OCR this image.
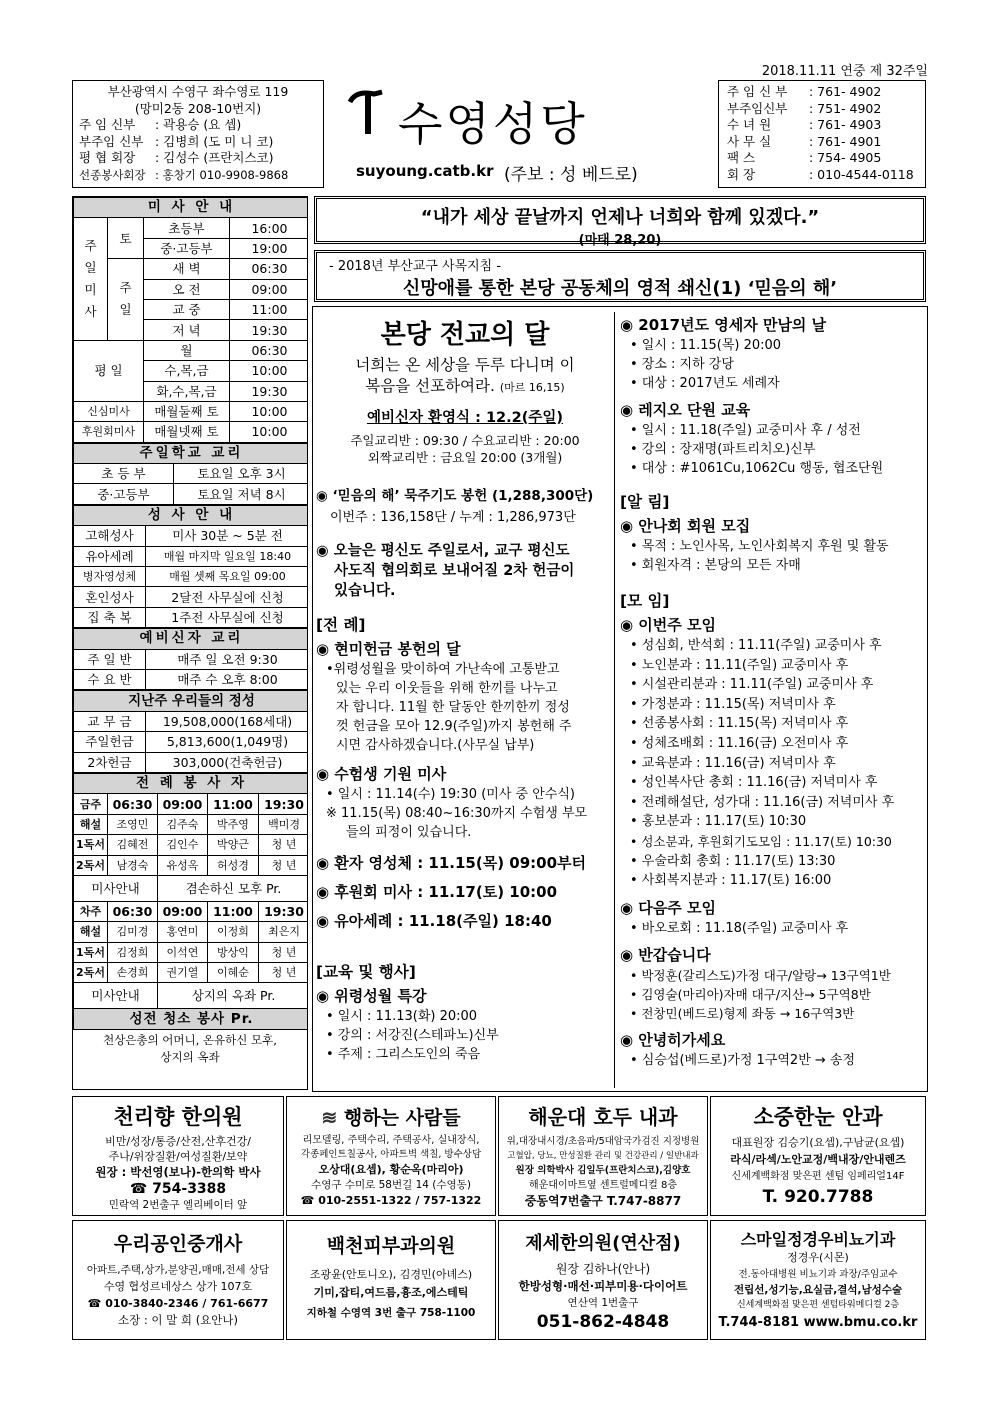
2018.11.11 연중 제 32주일
부산광역시 수영구 좌수영로 119
(망미2동 208-10번지)
주 임 신부 : 곽용승 (요 셉)
부주임 신부 : 김병희 (도 미 니 코)
평 협 회장 : 김성수 (프란치스코)
선종봉사회장 : 홍창기 010-9908-9868
수영성당
suyoung.catb.kr (주보 : 성 베드로)
주 임 신 부 : 761- 4902
부주임신부 : 751- 4902
수 녀 원	: 761- 4903
사 무 실	: 761- 4901
팩 스	: 754- 4905
회 장	: 010-4544-0118
미 사 안 내			
주 일 미 사	토	초등부	16:00
		중·고등부	19:00
	주 일	새 벽	06:30
		오 전	09:00
		교 중	11:00
		저 녁	19:30
평 일		월	06:30
		수,목,금	10:00
		화,수,목,금	19:30
신심미사		매월둘째 토	10:00
후원회미사		매월넷째 토	10:00
주일학교 교리	
초 등 부	토요일 오후 3시
중·고등부	토요일 저녁 8시
성 사 안 내	
고해성사	미사 30분 ~ 5분 전
유아세례	매월 마지막 일요일 18:40
병자영성체	매월 셋째 목요일 09:00
혼인성사	2달전 사무실에 신청
집 축 복	1주전 사무실에 신청
예비신자 교리	
주 일 반	매주 일 오전 9:30
수 요 반	매주 수 오후 8:00
지난주 우리들의 정성	
교 무 금	19,508,000(168세대)
주일헌금	5,813,600(1,049명)
2차헌금	303,000(건축헌금)
전 례 봉 사 자				
금주	06:30	09:00	11:00	19:30
해설	조영민	김주숙	박주영	백미경
1독서	김혜전	김인수	박양근	청 년
2독서	남경숙	유성옥	허성경	청 년
미사안내		겸손하신 모후 Pr.		
차주	06:30	09:00	11:00	19:30
해설	김미경	홍연미	이정희	최은지
1독서	김정희	이석연	방상익	청 년
2독서	손경희	권기열	이혜순	청 년
미사안내		상지의 옥좌 Pr.		
성전 청소 봉사 Pr.				
천상은총의 어머니, 온유하신 모후,
상지의 옥좌
“내가 세상 끝날까지 언제나 너희와 함께 있겠다.”
(마태 28,20)
- 2018년 부산교구 사목지침 -
신망애를 통한 본당 공동체의 영적 쇄신(1) ‘믿음의 해’
본당 전교의 달
너희는 온 세상을 두루 다니며 이
복음을 선포하여라. (마르 16,15)
예비신자 환영식 : 12.2(주일)
주일교리반 : 09:30 / 수요교리반 : 20:00
외짝교리반 : 금요일 20:00 (3개월)
◉ ‘믿음의 해’ 묵주기도 봉헌 (1,288,300단)
이번주 : 136,158단 / 누계 : 1,286,973단
◉ 오늘은 평신도 주일로서, 교구 평신도
사도직 협의회로 보내어질 2차 헌금이
있습니다.
[전 례]
◉ 현미헌금 봉헌의 달
•위령성월을 맞이하여 가난속에 고통받고
있는 우리 이웃들을 위해 한끼를 나누고
자 합니다. 11월 한 달동안 한끼한끼 정성
껏 헌금을 모아 12.9(주일)까지 봉헌해 주
시면 감사하겠습니다.(사무실 납부)
◉ 수험생 기원 미사
• 일시 : 11.14(수) 19:30 (미사 중 안수식)
※ 11.15(목) 08:40~16:30까지 수험생 부모
들의 피정이 있습니다.
◉ 환자 영성체 : 11.15(목) 09:00부터
◉ 후원회 미사 : 11.17(토) 10:00
◉ 유아세례 : 11.18(주일) 18:40
[교육 및 행사]
◉ 위령성월 특강
• 일시 : 11.13(화) 20:00
• 강의 : 서강진(스테파노)신부
• 주제 : 그리스도인의 죽음
◉ 2017년도 영세자 만남의 날
• 일시 : 11.15(목) 20:00
• 장소 : 지하 강당
• 대상 : 2017년도 세례자
◉ 레지오 단원 교육
• 일시 : 11.18(주일) 교중미사 후 / 성전
• 강의 : 장재명(파트리치오)신부
• 대상 : #1061Cu,1062Cu 행동, 협조단원
[알 림]
◉ 안나회 회원 모집
• 목적 : 노인사목, 노인사회복지 후원 및 활동
• 회원자격 : 본당의 모든 자매
[모 임]
◉ 이번주 모임
• 성심회, 반석회 : 11.11(주일) 교중미사 후
• 노인분과 : 11.11(주일) 교중미사 후
• 시설관리분과 : 11.11(주일) 교중미사 후
• 가정분과 : 11.15(목) 저녁미사 후
• 선종봉사회 : 11.15(목) 저녁미사 후
• 성체조배회 : 11.16(금) 오전미사 후
• 교육분과 : 11.16(금) 저녁미사 후
• 성인복사단 총회 : 11.16(금) 저녁미사 후
• 전례해설단, 성가대 : 11.16(금) 저녁미사 후
• 홍보분과 : 11.17(토) 10:30
• 성소분과, 후원회기도모임 : 11.17(토) 10:30
• 우술라회 총회 : 11.17(토) 13:30
• 사회복지분과 : 11.17(토) 16:00
◉ 다음주 모임
• 바오로회 : 11.18(주일) 교중미사 후
◉ 반갑습니다
• 박정훈(갈리스도)가정 대구/알랑→ 13구역1반
• 김영술(마리아)자매 대구/지산→ 5구역8반
• 전창민(베드로)형제 좌동 → 16구역3반
◉ 안녕히가세요
• 심승섭(베드로)가정 1구역2반 → 송정
천리향 한의원
비만/성장/통증/산전,산후건강/
주나/위장질환/여성질환/보약
원장 : 박선영(보나)-한의학 박사
☎ 754-3388
민락역 2번출구 엘리베이터 앞
≋ 행하는 사람들
리모델링, 주택수리, 주택공사, 실내장식,
각종페인트칠공사, 아파트벽 색칠, 방수상담
오상대(요셉), 황순옥(마리아)
수영구 수미로 58번길 14 (수영동)
☎ 010-2551-1322 / 757-1322
해운대 호두 내과
위,대장내시경/초음파/5대암국가검진 지정병원
고혈압, 당뇨, 만성질환 관리 및 건강관리 / 일반내과
원장 의학박사 김일두(프란치스코),김양호
해운대이마트옆 센트럴메디컬 8층
중동역7번출구 T.747-8877
소중한눈 안과
대표원장 김승기(요셉),구남균(요셉)
라식/라섹/노안교정/백내장/안내렌즈
신세계백화점 맞은편 센텀 임페리얼14F
T. 920.7788
우리공인중개사
아파트,주택,상가,분양권,매매,전세 상담
수영 협성르네상스 상가 107호
☎ 010-3840-2346 / 761-6677
소장 : 이 말 희 (요안나)
백천피부과의원
조광윤(안토니오), 김경민(아녜스)
기미,잡티,여드름,흉조,에스테틱
지하철 수영역 3번 출구 758-1100
제세한의원(연산점)
원장 김하나(안나)
한방성형·매선·피부미용·다이어트
연산역 1번출구
051-862-4848
스마일정경우비뇨기과
정경우(시몬)
전.동아대병원 비뇨기과 과장/주임교수
전립선,성기능,요실금,결석,남성수술
신세계백화점 맞은편 센텀타워메디컬 2층
T.744-8181 www.bmu.co.kr
